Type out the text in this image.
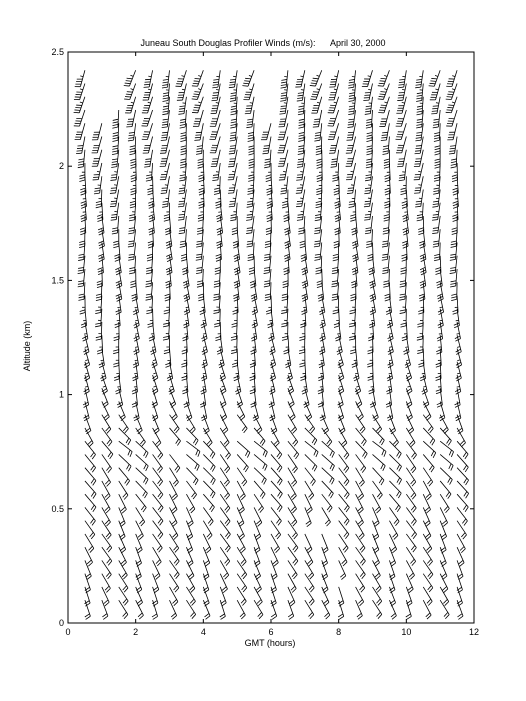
0	2	4	6	8	10	12
0
0.5
1
1.5
2
2.5
Juneau South Douglas Profiler Winds (m/s):      April 30, 2000
GMT (hours)
Altitude (km)
